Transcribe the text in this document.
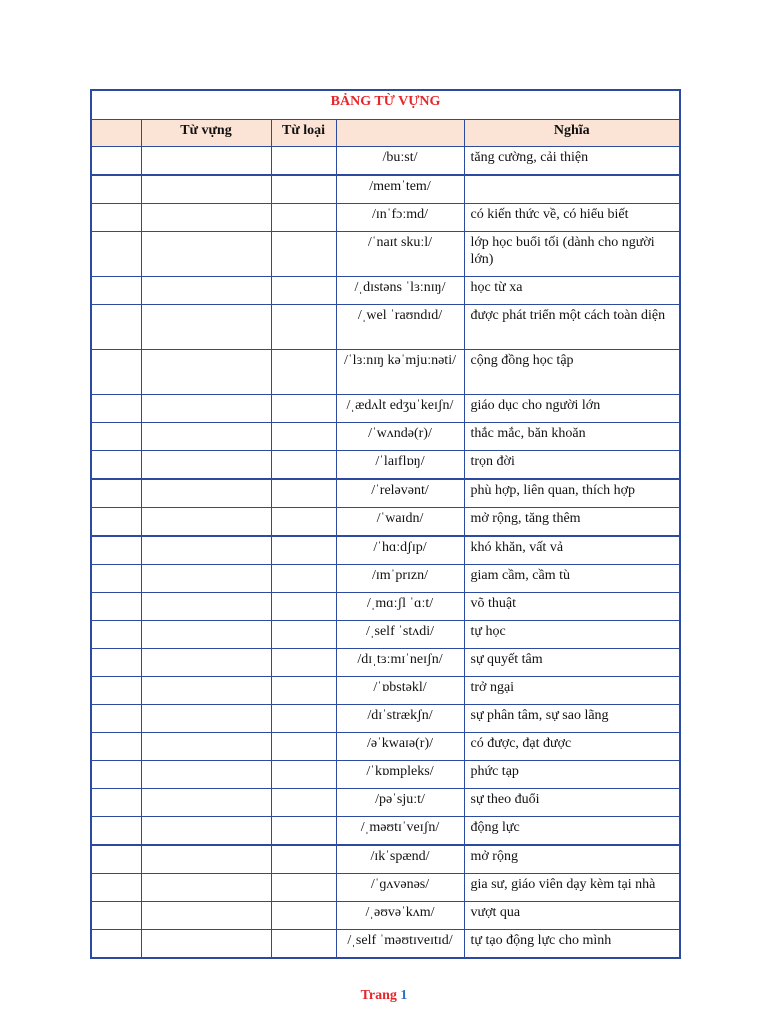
BẢNG TỪ VỰNG				
	Từ vựng	Từ loại		Nghĩa
			/buːst/	tăng cường, cải thiện
			/memˈtem/	
			/ɪnˈfɔːmd/	có kiến thức về, có hiểu biết
			/ˈnaɪt skuːl/	lớp học buổi tối (dành cho người lớn)
			/ˌdɪstəns ˈlɜːnɪŋ/	học từ xa
			/ˌwel ˈraʊndɪd/	được phát triển một cách toàn diện
			/ˈlɜːnɪŋ kəˈmjuːnəti/	cộng đồng học tập
			/ˌædʌlt edʒuˈkeɪʃn/	giáo dục cho người lớn
			/ˈwʌndə(r)/	thắc mắc, băn khoăn
			/ˈlaɪflɒŋ/	trọn đời
			/ˈreləvənt/	phù hợp, liên quan, thích hợp
			/ˈwaɪdn/	mở rộng, tăng thêm
			/ˈhɑːdʃɪp/	khó khăn, vất vả
			/ɪmˈprɪzn/	giam cầm, cầm tù
			/ˌmɑːʃl ˈɑːt/	võ thuật
			/ˌself ˈstʌdi/	tự học
			/dɪˌtɜːmɪˈneɪʃn/	sự quyết tâm
			/ˈɒbstəkl/	trở ngại
			/dɪˈstrækʃn/	sự phân tâm, sự sao lãng
			/əˈkwaɪə(r)/	có được, đạt được
			/ˈkɒmpleks/	phức tạp
			/pəˈsjuːt/	sự theo đuổi
			/ˌməʊtɪˈveɪʃn/	động lực
			/ɪkˈspænd/	mở rộng
			/ˈɡʌvənəs/	gia sư, giáo viên dạy kèm tại nhà
			/ˌəʊvəˈkʌm/	vượt qua
			/ˌself ˈməʊtɪveɪtɪd/	tự tạo động lực cho mình
Trang 1
